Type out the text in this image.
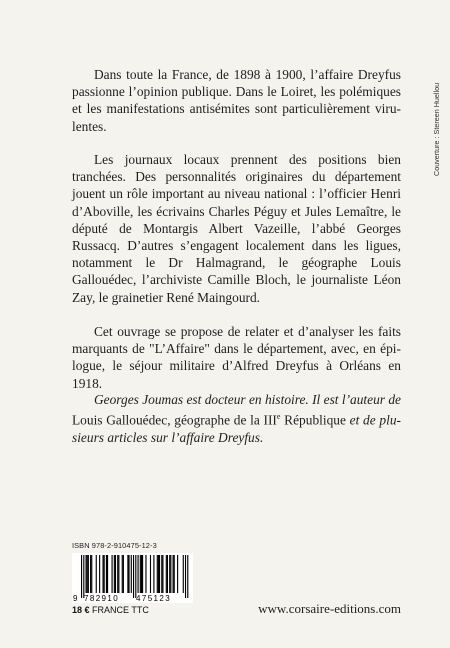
Dans toute la France, de 1898 à 1900, l’affaire Dreyfus passionne l’opinion publique. Dans le Loiret, les polémiques et les manifestations antisémites sont particulièrement virulentes.

Les journaux locaux prennent des positions bien tranchées. Des personnalités originaires du département jouent un rôle important au niveau national : l’officier Henri d’Aboville, les écrivains Charles Péguy et Jules Lemaître, le député de Montargis Albert Vazeille, l’abbé Georges Russacq. D’autres s’engagent localement dans les ligues, notamment le Dr Halmagrand, le géographe Louis Gallouédec, l’archiviste Camille Bloch, le journaliste Léon Zay, le grainetier René Maingourd.

Cet ouvrage se propose de relater et d’analyser les faits marquants de "L’Affaire" dans le département, avec, en épilogue, le séjour militaire d’Alfred Dreyfus à Orléans en 1918.

Georges Joumas est docteur en histoire. Il est l’auteur de Louis Gallouédec, géographe de la IIIe République et de plusieurs articles sur l’affaire Dreyfus.

Couverture : Stereen Huellou
ISBN 978-2-910475-12-3
9 782910 475123
18 € FRANCE TTC	www.corsaire-editions.com
